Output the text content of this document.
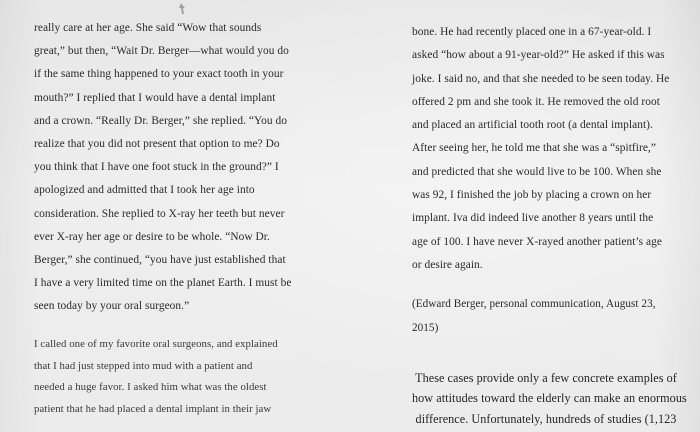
really care at her age. She said “Wow that sounds
great,” but then, “Wait Dr. Berger—what would you do
if the same thing happened to your exact tooth in your
mouth?” I replied that I would have a dental implant
and a crown. “Really Dr. Berger,” she replied. “You do
realize that you did not present that option to me? Do
you think that I have one foot stuck in the ground?” I
apologized and admitted that I took her age into
consideration. She replied to X-ray her teeth but never
ever X-ray her age or desire to be whole. “Now Dr.
Berger,” she continued, “you have just established that
I have a very limited time on the planet Earth. I must be
seen today by your oral surgeon.”
I called one of my favorite oral surgeons, and explained
that I had just stepped into mud with a patient and
needed a huge favor. I asked him what was the oldest
patient that he had placed a dental implant in their jaw
bone. He had recently placed one in a 67-year-old. I
asked “how about a 91-year-old?” He asked if this was
joke. I said no, and that she needed to be seen today. He
offered 2 pm and she took it. He removed the old root
and placed an artificial tooth root (a dental implant).
After seeing her, he told me that she was a “spitfire,”
and predicted that she would live to be 100. When she
was 92, I finished the job by placing a crown on her
implant. Iva did indeed live another 8 years until the
age of 100. I have never X-rayed another patient’s age
or desire again.
(Edward Berger, personal communication, August 23,
2015)
These cases provide only a few concrete examples of
how attitudes toward the elderly can make an enormous
difference. Unfortunately, hundreds of studies (1,123
